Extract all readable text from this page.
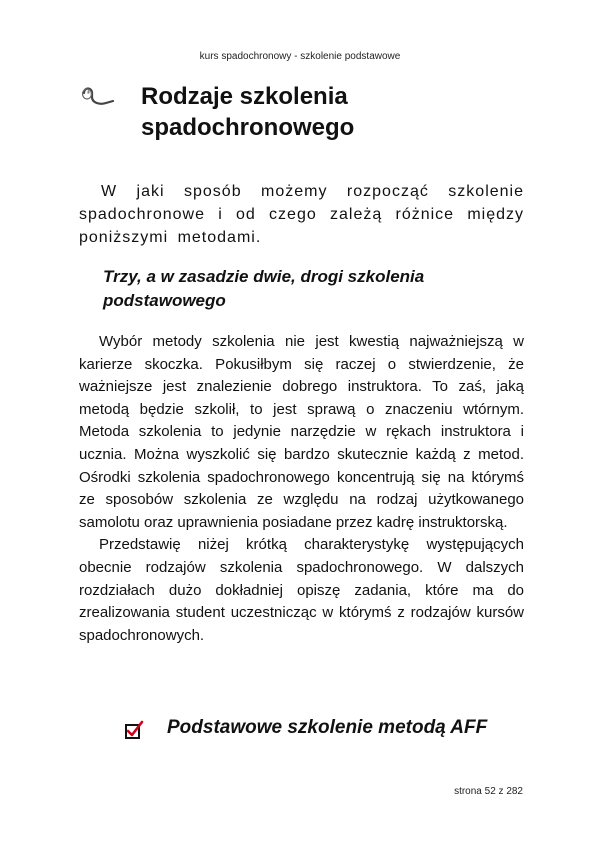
kurs spadochronowy - szkolenie podstawowe
Rodzaje szkolenia spadochronowego

W jaki sposób możemy rozpocząć szkolenie spadochronowe i od czego zależą różnice między poniższymi metodami.

Trzy, a w zasadzie dwie, drogi szkolenia podstawowego

Wybór metody szkolenia nie jest kwestią najważniejszą w karierze skoczka. Pokusiłbym się raczej o stwierdzenie, że ważniejsze jest znalezienie dobrego instruktora. To zaś, jaką metodą będzie szkolił, to jest sprawą o znaczeniu wtórnym. Metoda szkolenia to jedynie narzędzie w rękach instruktora i ucznia. Można wyszkolić się bardzo skutecznie każdą z metod. Ośrodki szkolenia spadochronowego koncentrują się na którymś ze sposobów szkolenia ze względu na rodzaj użytkowanego samolotu oraz uprawnienia posiadane przez kadrę instruktorską.

Przedstawię niżej krótką charakterystykę występujących obecnie rodzajów szkolenia spadochronowego. W dalszych rozdziałach dużo dokładniej opiszę zadania, które ma do zrealizowania student uczestnicząc w którymś z rodzajów kursów spadochronowych.

Podstawowe szkolenie metodą AFF
strona 52 z 282
